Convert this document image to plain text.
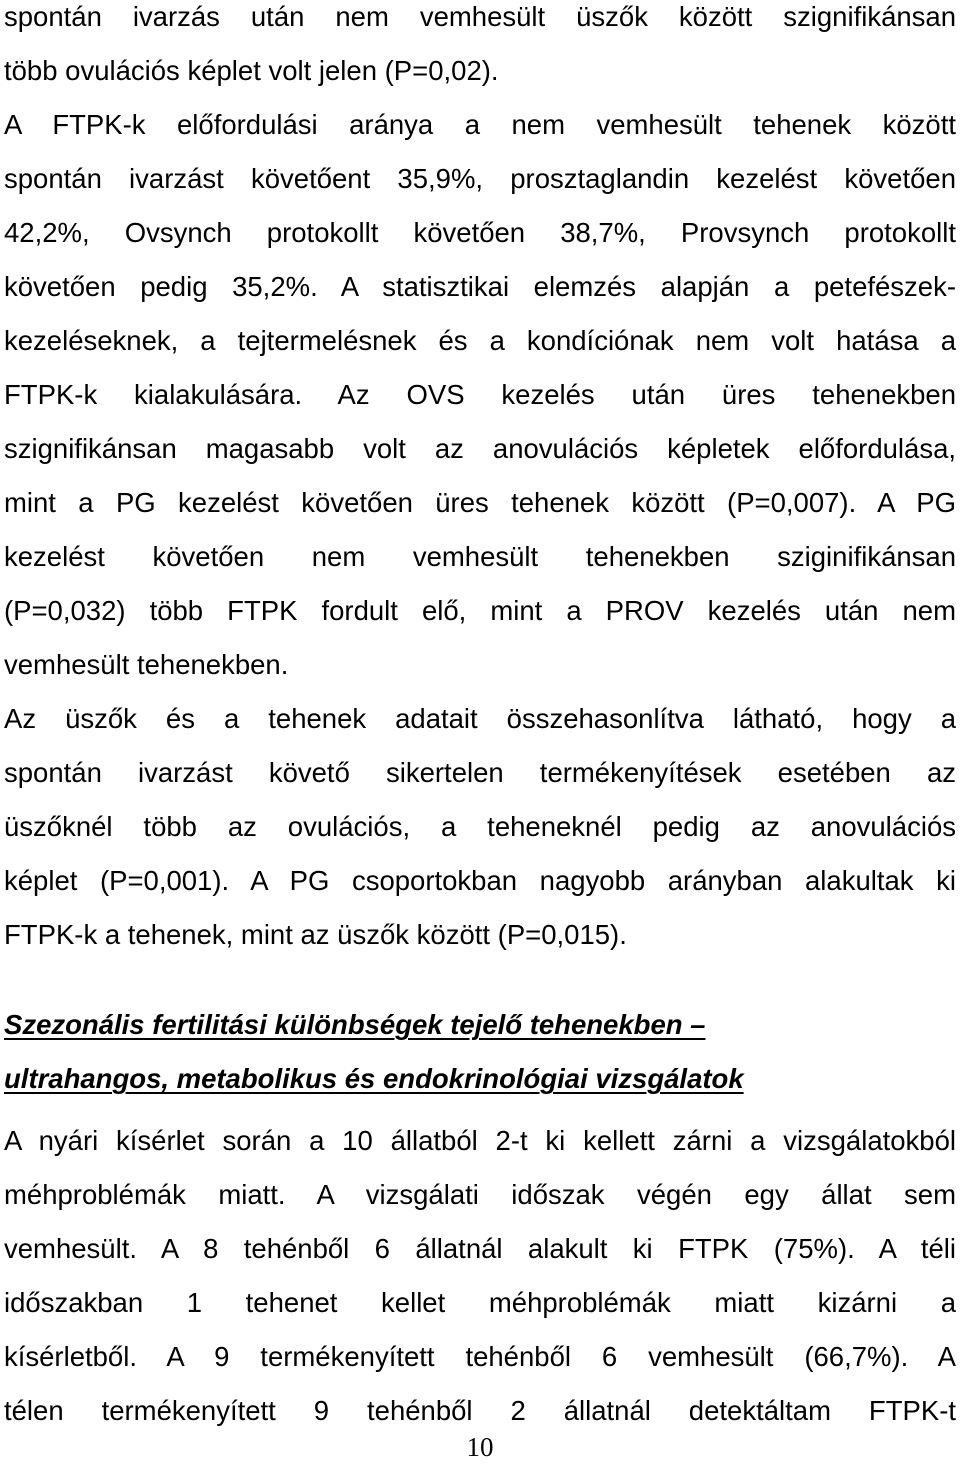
spontán ivarzás után nem vemhesült üszők között szignifikánsan
több ovulációs képlet volt jelen (P=0,02).
A FTPK-k előfordulási aránya a nem vemhesült tehenek között
spontán ivarzást követőent 35,9%, prosztaglandin kezelést követően
42,2%, Ovsynch protokollt követően 38,7%, Provsynch protokollt
követően pedig 35,2%. A statisztikai elemzés alapján a petefészek-
kezeléseknek, a tejtermelésnek és a kondíciónak nem volt hatása a
FTPK-k kialakulására. Az OVS kezelés után üres tehenekben
szignifikánsan magasabb volt az anovulációs képletek előfordulása,
mint a PG kezelést követően üres tehenek között (P=0,007). A PG
kezelést követően nem vemhesült tehenekben sziginifikánsan
(P=0,032) több FTPK fordult elő, mint a PROV kezelés után nem
vemhesült tehenekben.
Az üszők és a tehenek adatait összehasonlítva látható, hogy a
spontán ivarzást követő sikertelen termékenyítések esetében az
üszőknél több az ovulációs, a teheneknél pedig az anovulációs
képlet (P=0,001). A PG csoportokban nagyobb arányban alakultak ki
FTPK-k a tehenek, mint az üszők között (P=0,015).
Szezonális fertilitási különbségek tejelő tehenekben –
ultrahangos, metabolikus és endokrinológiai vizsgálatok
A nyári kísérlet során a 10 állatból 2-t ki kellett zárni a vizsgálatokból
méhproblémák miatt. A vizsgálati időszak végén egy állat sem
vemhesült. A 8 tehénből 6 állatnál alakult ki FTPK (75%). A téli
időszakban 1 tehenet kellet méhproblémák miatt kizárni a
kísérletből. A 9 termékenyített tehénből 6 vemhesült (66,7%). A
télen termékenyített 9 tehénből 2 állatnál detektáltam FTPK-t
10
